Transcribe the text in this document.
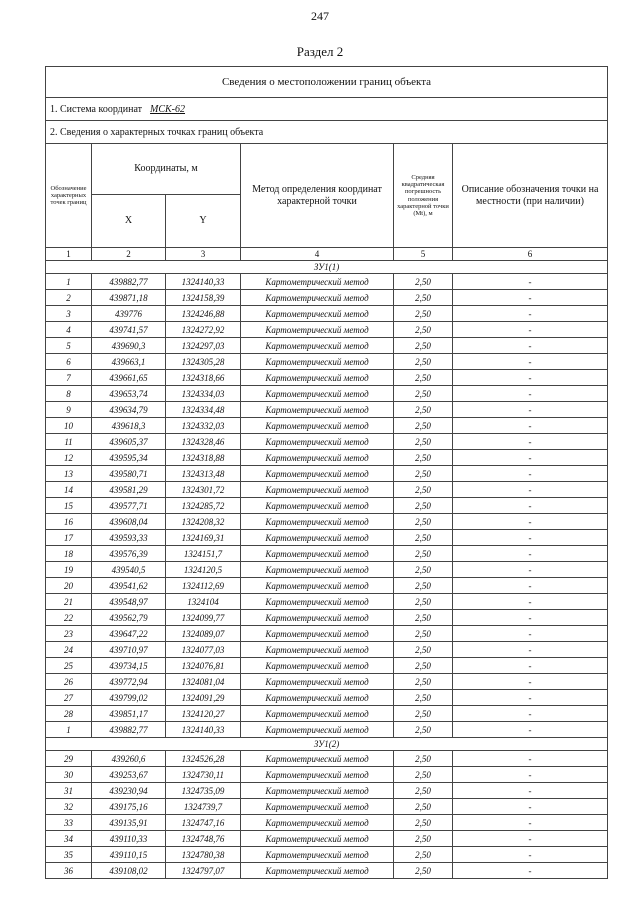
247
Раздел 2
Сведения о местоположении границ объекта					
1. Система координат МСК-62					
2. Сведения о характерных точках границ объекта					
Обозначение характерных точек границ	Координаты, м		Метод определения координат характерной точки	Средняя квадратическая погрешность положения характерной точки (Mt), м	Описание обозначения точки на местности (при наличии)
	X	Y			
1	2	3	4	5	6
ЗУ1(1)					
1	439882,77	1324140,33	Картометрический метод	2,50	-
2	439871,18	1324158,39	Картометрический метод	2,50	-
3	439776	1324246,88	Картометрический метод	2,50	-
4	439741,57	1324272,92	Картометрический метод	2,50	-
5	439690,3	1324297,03	Картометрический метод	2,50	-
6	439663,1	1324305,28	Картометрический метод	2,50	-
7	439661,65	1324318,66	Картометрический метод	2,50	-
8	439653,74	1324334,03	Картометрический метод	2,50	-
9	439634,79	1324334,48	Картометрический метод	2,50	-
10	439618,3	1324332,03	Картометрический метод	2,50	-
11	439605,37	1324328,46	Картометрический метод	2,50	-
12	439595,34	1324318,88	Картометрический метод	2,50	-
13	439580,71	1324313,48	Картометрический метод	2,50	-
14	439581,29	1324301,72	Картометрический метод	2,50	-
15	439577,71	1324285,72	Картометрический метод	2,50	-
16	439608,04	1324208,32	Картометрический метод	2,50	-
17	439593,33	1324169,31	Картометрический метод	2,50	-
18	439576,39	1324151,7	Картометрический метод	2,50	-
19	439540,5	1324120,5	Картометрический метод	2,50	-
20	439541,62	1324112,69	Картометрический метод	2,50	-
21	439548,97	1324104	Картометрический метод	2,50	-
22	439562,79	1324099,77	Картометрический метод	2,50	-
23	439647,22	1324089,07	Картометрический метод	2,50	-
24	439710,97	1324077,03	Картометрический метод	2,50	-
25	439734,15	1324076,81	Картометрический метод	2,50	-
26	439772,94	1324081,04	Картометрический метод	2,50	-
27	439799,02	1324091,29	Картометрический метод	2,50	-
28	439851,17	1324120,27	Картометрический метод	2,50	-
1	439882,77	1324140,33	Картометрический метод	2,50	-
ЗУ1(2)					
29	439260,6	1324526,28	Картометрический метод	2,50	-
30	439253,67	1324730,11	Картометрический метод	2,50	-
31	439230,94	1324735,09	Картометрический метод	2,50	-
32	439175,16	1324739,7	Картометрический метод	2,50	-
33	439135,91	1324747,16	Картометрический метод	2,50	-
34	439110,33	1324748,76	Картометрический метод	2,50	-
35	439110,15	1324780,38	Картометрический метод	2,50	-
36	439108,02	1324797,07	Картометрический метод	2,50	-
